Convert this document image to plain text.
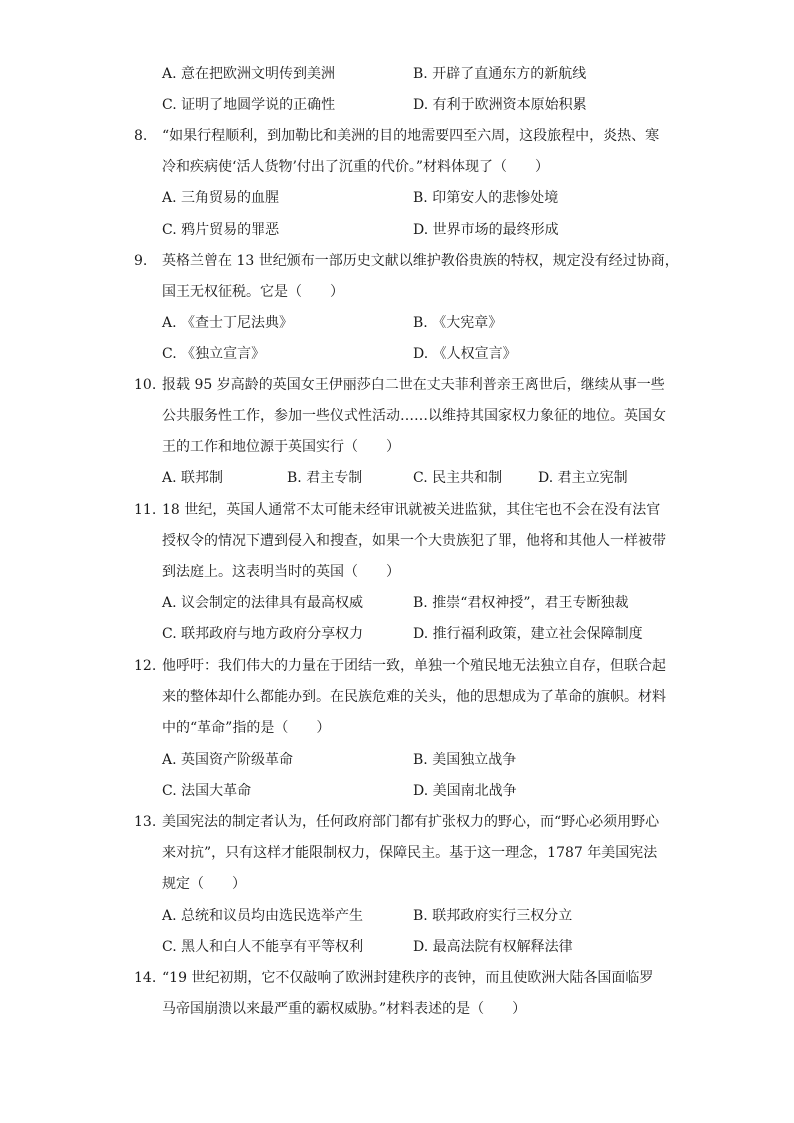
A. 意在把欧洲文明传到美洲	B. 开辟了直通东方的新航线
C. 证明了地圆学说的正确性	D. 有利于欧洲资本原始积累
8. “如果行程顺利，到加勒比和美洲的目的地需要四至六周，这段旅程中，炎热、寒
冷和疾病使‘活人货物’付出了沉重的代价。”材料体现了（　　）
A. 三角贸易的血腥	B. 印第安人的悲惨处境
C. 鸦片贸易的罪恶	D. 世界市场的最终形成
9. 英格兰曾在 13 世纪颁布一部历史文献以维护教俗贵族的特权，规定没有经过协商，
国王无权征税。它是（　　）
A. 《查士丁尼法典》	B. 《大宪章》
C. 《独立宣言》	D. 《人权宣言》
10. 报载 95 岁高龄的英国女王伊丽莎白二世在丈夫菲利普亲王离世后，继续从事一些
公共服务性工作，参加一些仪式性活动……以维持其国家权力象征的地位。英国女
王的工作和地位源于英国实行（　　）
A. 联邦制	B. 君主专制	C. 民主共和制	D. 君主立宪制
11. 18 世纪，英国人通常不太可能未经审讯就被关进监狱，其住宅也不会在没有法官
授权令的情况下遭到侵入和搜查，如果一个大贵族犯了罪，他将和其他人一样被带
到法庭上。这表明当时的英国（　　）
A. 议会制定的法律具有最高权威	B. 推崇“君权神授”，君王专断独裁
C. 联邦政府与地方政府分享权力	D. 推行福利政策，建立社会保障制度
12. 他呼吁：我们伟大的力量在于团结一致，单独一个殖民地无法独立自存，但联合起
来的整体却什么都能办到。在民族危难的关头，他的思想成为了革命的旗帜。材料
中的“革命”指的是（　　）
A. 英国资产阶级革命	B. 美国独立战争
C. 法国大革命	D. 美国南北战争
13. 美国宪法的制定者认为，任何政府部门都有扩张权力的野心，而“野心必须用野心
来对抗”，只有这样才能限制权力，保障民主。基于这一理念，1787 年美国宪法
规定（　　）
A. 总统和议员均由选民选举产生	B. 联邦政府实行三权分立
C. 黑人和白人不能享有平等权利	D. 最高法院有权解释法律
14. “19 世纪初期，它不仅敲响了欧洲封建秩序的丧钟，而且使欧洲大陆各国面临罗
马帝国崩溃以来最严重的霸权威胁。”材料表述的是（　　）
